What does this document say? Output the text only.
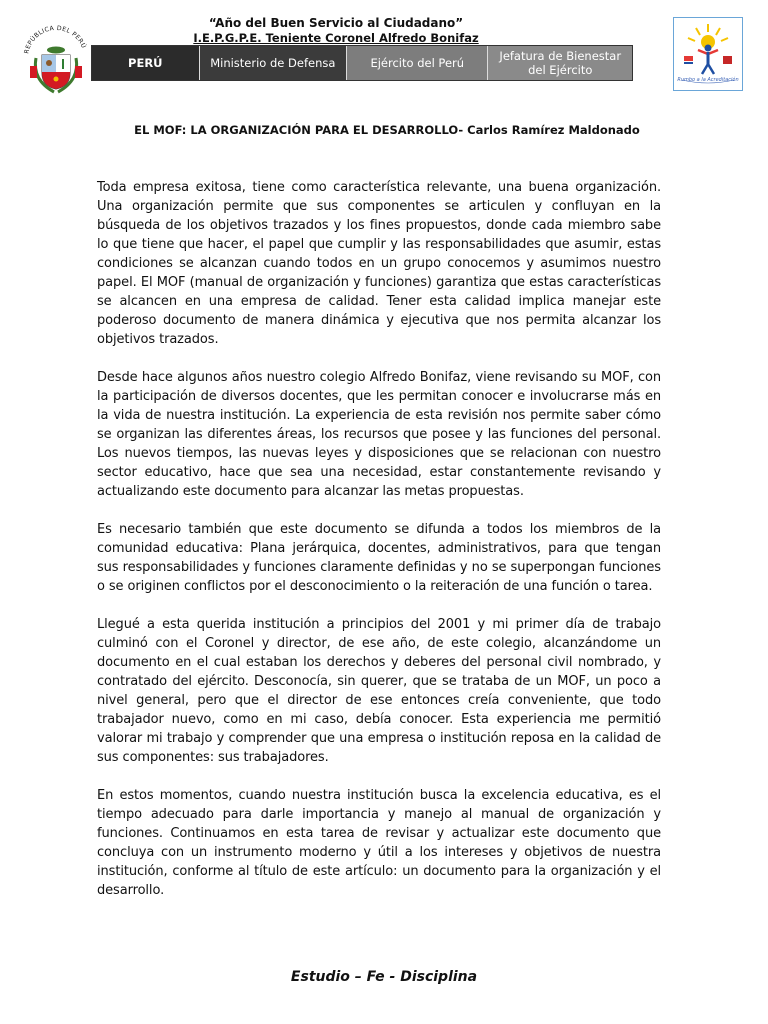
REPÚBLICA DEL PERÚ
“Año del Buen Servicio al Ciudadano”
I.E.P.G.P.E. Teniente Coronel Alfredo Bonifaz
PERÚ	Ministerio de Defensa	Ejército del Perú	Jefatura de Bienestar del Ejército
Rumbo a la Acreditación
EL MOF: LA ORGANIZACIÓN PARA EL DESARROLLO- Carlos Ramírez Maldonado

Toda empresa exitosa, tiene como característica relevante, una buena organización. Una organización permite que sus componentes se articulen y confluyan en la búsqueda de los objetivos trazados y los fines propuestos, donde cada miembro sabe lo que tiene que hacer, el papel que cumplir y las responsabilidades que asumir, estas condiciones se alcanzan cuando todos en un grupo conocemos y asumimos nuestro papel. El MOF (manual de organización y funciones) garantiza que estas características se alcancen en una empresa de calidad. Tener esta calidad implica manejar este poderoso documento de manera dinámica y ejecutiva que nos permita alcanzar los objetivos trazados.

Desde hace algunos años nuestro colegio Alfredo Bonifaz, viene revisando su MOF, con la participación de diversos docentes, que les permitan conocer e involucrarse más en la vida de nuestra institución. La experiencia de esta revisión nos permite saber cómo se organizan las diferentes áreas, los recursos que posee y las funciones del personal. Los nuevos tiempos, las nuevas leyes y disposiciones que se relacionan con nuestro sector educativo, hace que sea una necesidad, estar constantemente revisando y actualizando este documento para alcanzar las metas propuestas.

Es necesario también que este documento se difunda a todos los miembros de la comunidad educativa: Plana jerárquica, docentes, administrativos, para que tengan sus responsabilidades y funciones claramente definidas y no se superpongan funciones o se originen conflictos por el desconocimiento o la reiteración de una función o tarea.

Llegué a esta querida institución a principios del 2001 y mi primer día de trabajo culminó con el Coronel y director, de ese año, de este colegio, alcanzándome un documento en el cual estaban los derechos y deberes del personal civil nombrado, y contratado del ejército. Desconocía, sin querer, que se trataba de un MOF, un poco a nivel general, pero que el director de ese entonces creía conveniente, que todo trabajador nuevo, como en mi caso, debía conocer. Esta experiencia me permitió valorar mi trabajo y comprender que una empresa o institución reposa en la calidad de sus componentes: sus trabajadores.

En estos momentos, cuando nuestra institución busca la excelencia educativa, es el tiempo adecuado para darle importancia y manejo al manual de organización y funciones. Continuamos en esta tarea de revisar y actualizar este documento que concluya con un instrumento moderno y útil a los intereses y objetivos de nuestra institución, conforme al título de este artículo: un documento para la organización y el desarrollo.

Estudio – Fe - Disciplina
